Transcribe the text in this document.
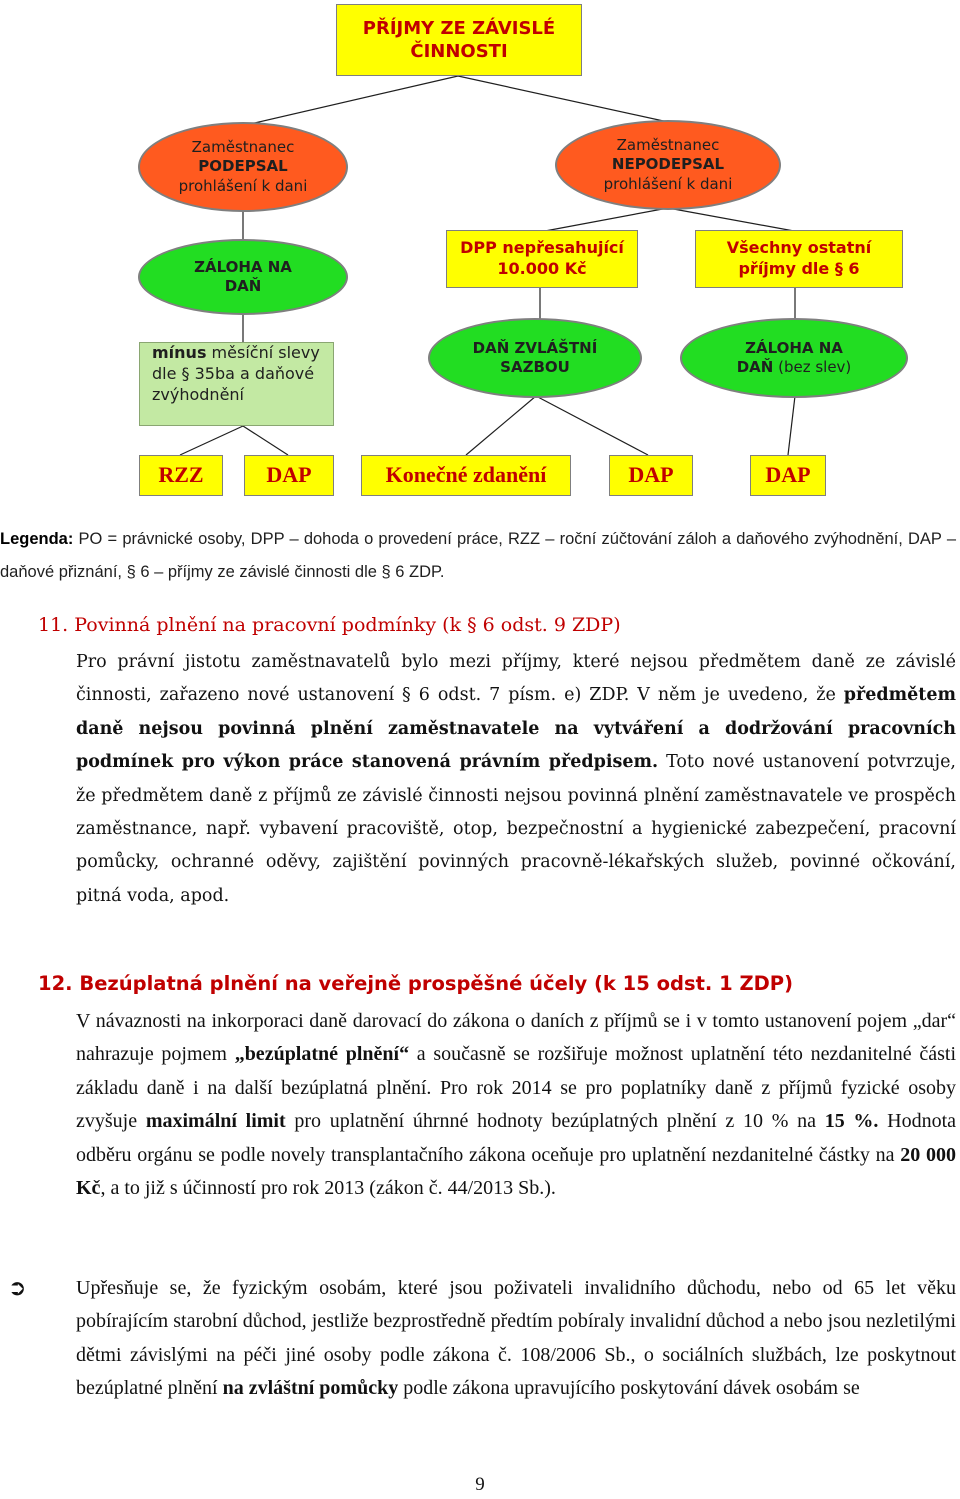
PŘÍJMY ZE ZÁVISLÉ
ČINNOSTI
Zaměstnanec
PODEPSAL
prohlášení k dani
Zaměstnanec
NEPODEPSAL
prohlášení k dani
ZÁLOHA NA
DAŇ
DPP nepřesahující
10.000 Kč
Všechny ostatní
příjmy dle § 6
DAŇ ZVLÁŠTNÍ
SAZBOU
ZÁLOHA NA
DAŇ (bez slev)
mínus měsíční slevy
dle § 35ba a daňové
zvýhodnění
RZZ	DAP	Konečné zdanění	DAP	DAP
Legenda: PO = právnické osoby, DPP – dohoda o provedení práce, RZZ – roční zúčtování záloh a daňového zvýhodnění, DAP – daňové přiznání, § 6 – příjmy ze závislé činnosti dle § 6 ZDP.
11. Povinná plnění na pracovní podmínky (k § 6 odst. 9 ZDP)
Pro právní jistotu zaměstnavatelů bylo mezi příjmy, které nejsou předmětem daně ze závislé činnosti, zařazeno nové ustanovení § 6 odst. 7 písm. e) ZDP. V něm je uvedeno, že předmětem daně nejsou povinná plnění zaměstnavatele na vytváření a dodržování pracovních podmínek pro výkon práce stanovená právním předpisem. Toto nové ustanovení potvrzuje, že předmětem daně z příjmů ze závislé činnosti nejsou povinná plnění zaměstnavatele ve prospěch zaměstnance, např. vybavení pracoviště, otop, bezpečnostní a hygienické zabezpečení, pracovní pomůcky, ochranné oděvy, zajištění povinných pracovně-lékařských služeb, povinné očkování, pitná voda, apod.
12. Bezúplatná plnění na veřejně prospěšné účely (k 15 odst. 1 ZDP)
V návaznosti na inkorporaci daně darovací do zákona o daních z příjmů se i v tomto ustanovení pojem „dar“ nahrazuje pojmem „bezúplatné plnění“ a současně se rozšiřuje možnost uplatnění této nezdanitelné části základu daně i na další bezúplatná plnění. Pro rok 2014 se pro poplatníky daně z příjmů fyzické osoby zvyšuje maximální limit pro uplatnění úhrnné hodnoty bezúplatných plnění z 10 % na 15 %. Hodnota odběru orgánu se podle novely transplantačního zákona oceňuje pro uplatnění nezdanitelné částky na 20 000 Kč, a to již s účinností pro rok 2013 (zákon č. 44/2013 Sb.).
➲ Upřesňuje se, že fyzickým osobám, které jsou poživateli invalidního důchodu, nebo od 65 let věku pobírajícím starobní důchod, jestliže bezprostředně předtím pobíraly invalidní důchod a nebo jsou nezletilými dětmi závislými na péči jiné osoby podle zákona č. 108/2006 Sb., o sociálních službách, lze poskytnout bezúplatné plnění na zvláštní pomůcky podle zákona upravujícího poskytování dávek osobám se
9
